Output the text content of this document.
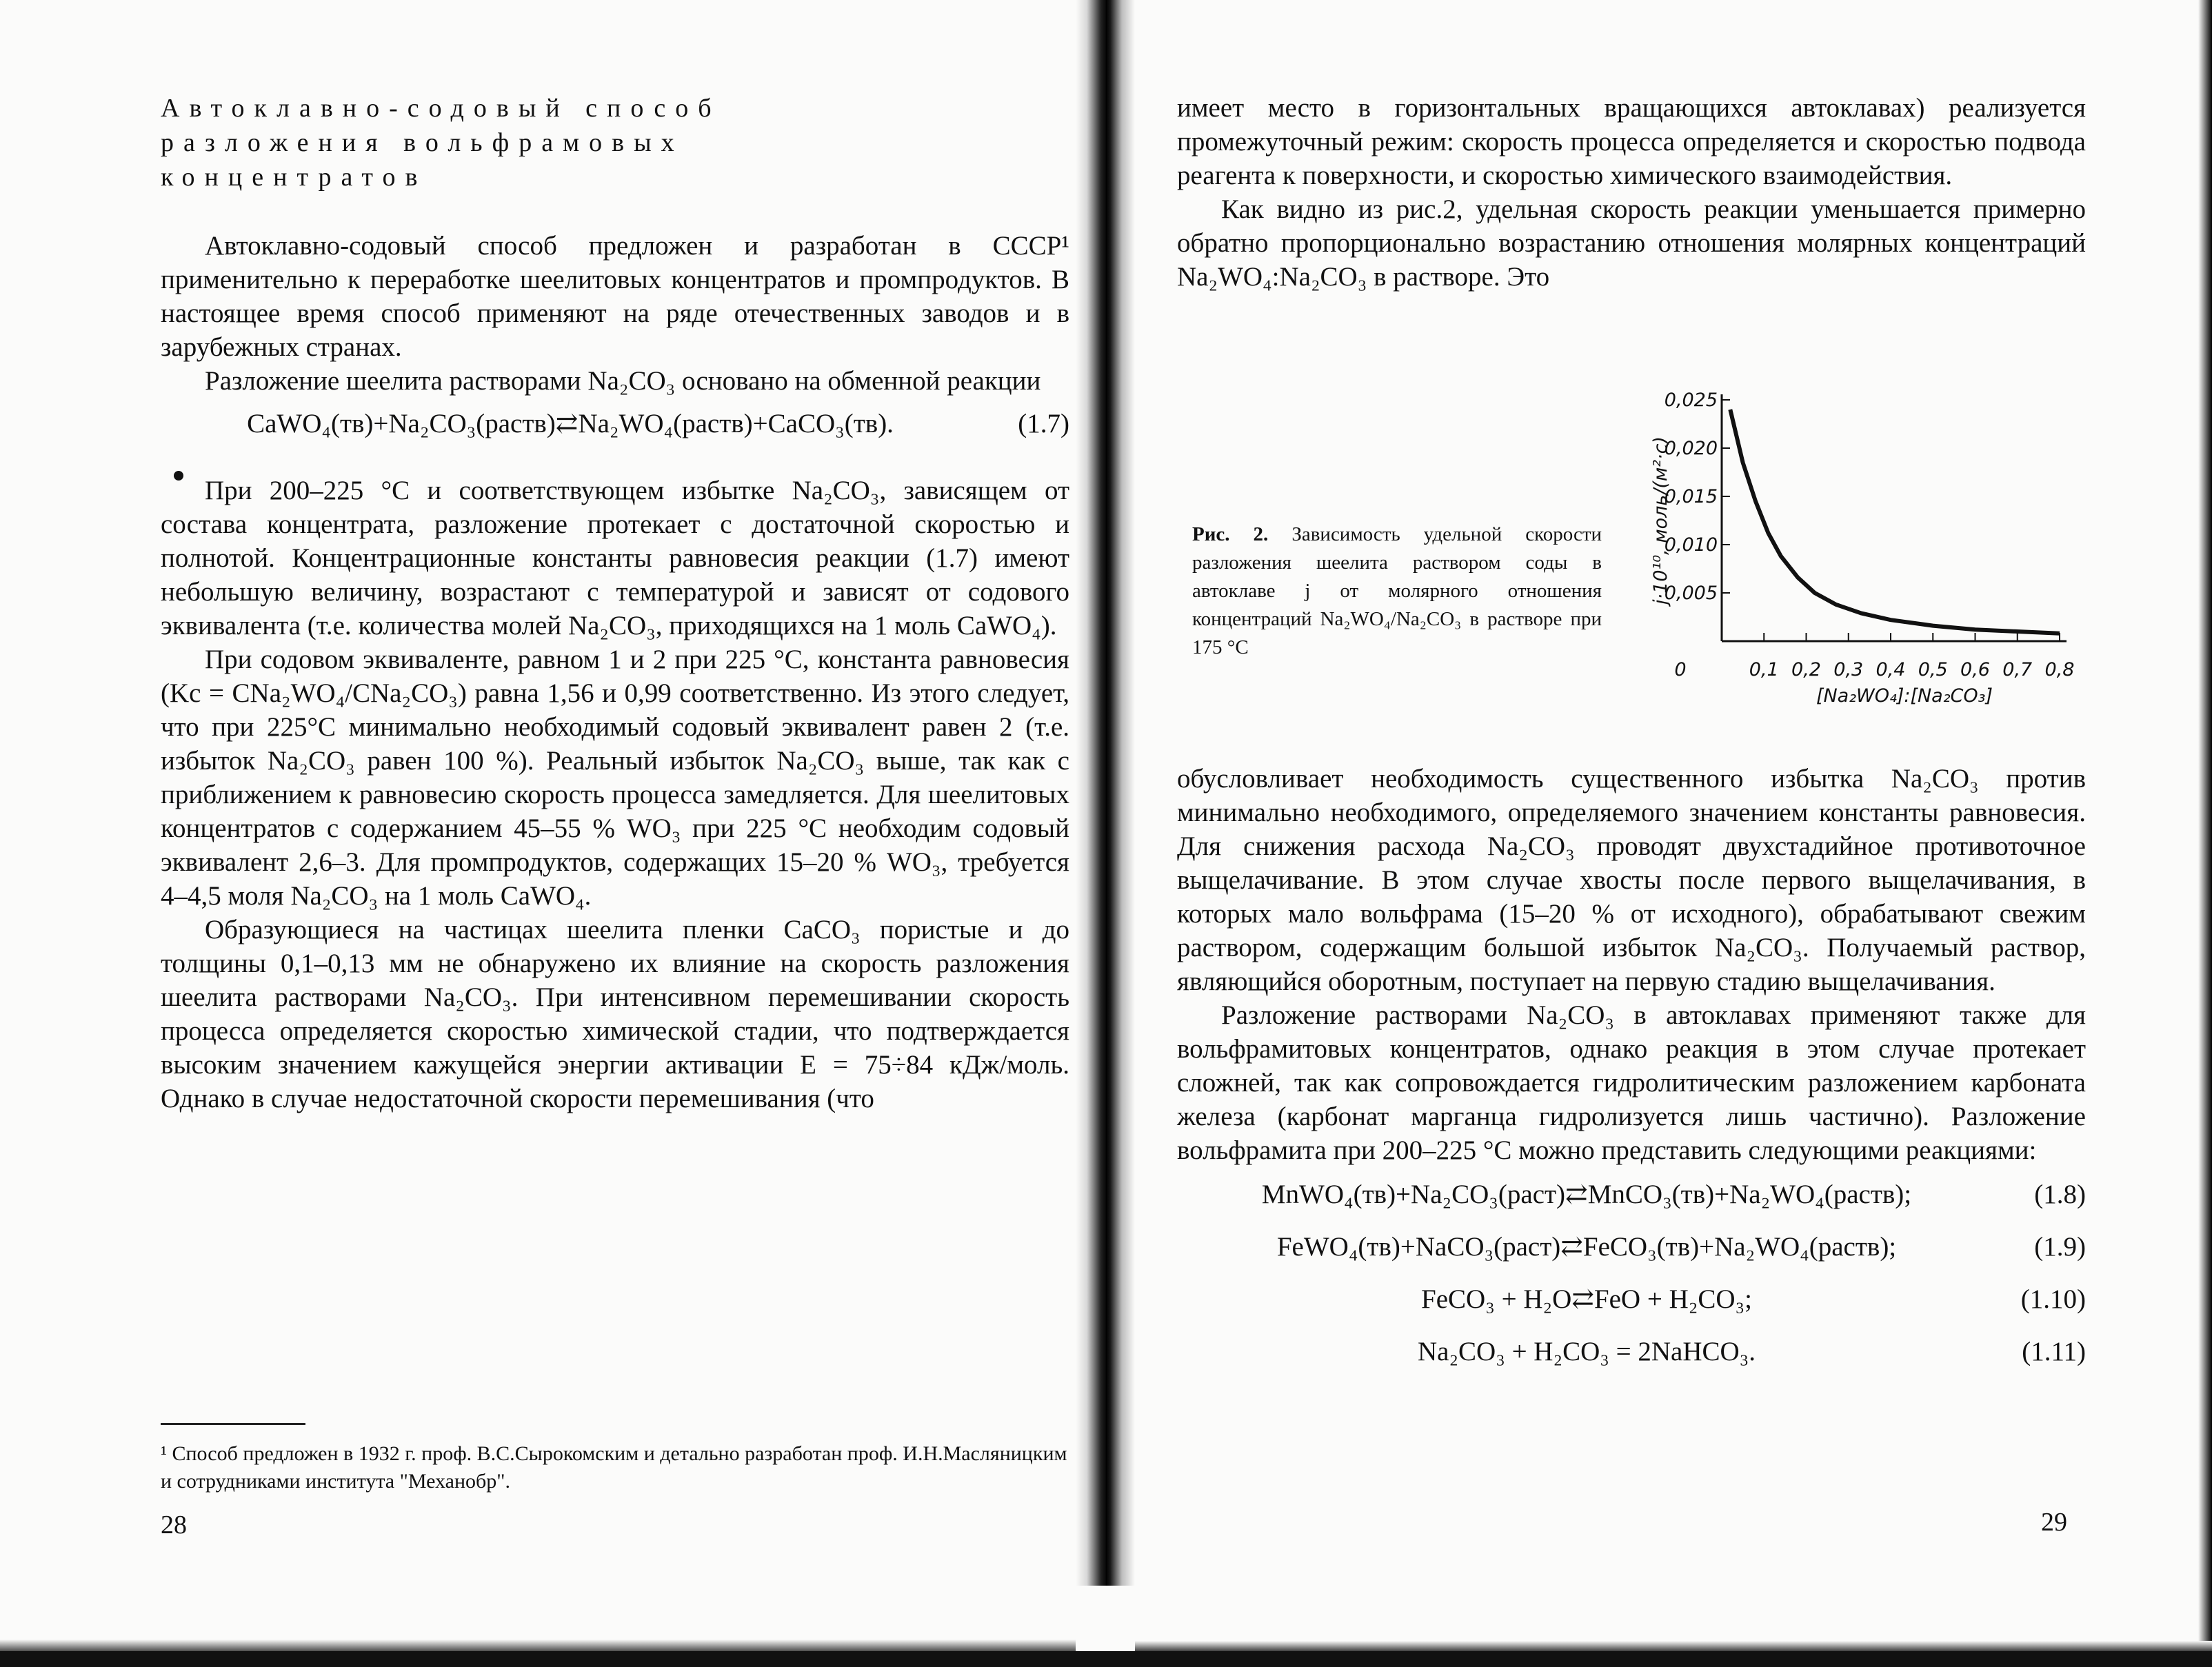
Автоклавно-содовый способ

разложения вольфрамовых

концентратов

Автоклавно-содовый способ предложен и разработан в СССР¹ применительно к переработке шеелитовых концентратов и промпродуктов. В настоящее время способ применяют на ряде отечественных заводов и в зарубежных странах.

Разложение шеелита растворами Na₂CO₃ основано на обменной реакции

CaWO₄(тв)+Na₂CO₃(раств)⇄Na₂WO₄(раств)+CaCO₃(тв).	(1.7)

При 200–225 °С и соответствующем избытке Na₂CO₃, зависящем от состава концентрата, разложение протекает с достаточной скоростью и полнотой. Концентрационные константы равновесия реакции (1.7) имеют небольшую величину, возрастают с температурой и зависят от содового эквивалента (т.е. количества молей Na₂CO₃, приходящихся на 1 моль CaWO₄).

При содовом эквиваленте, равном 1 и 2 при 225 °С, константа равновесия (Kc = CNa₂WO₄/CNa₂CO₃) равна 1,56 и 0,99 соответственно. Из этого следует, что при 225°С минимально необходимый содовый эквивалент равен 2 (т.е. избыток Na₂CO₃ равен 100 %). Реальный избыток Na₂CO₃ выше, так как с приближением к равновесию скорость процесса замедляется. Для шеелитовых концентратов с содержанием 45–55 % WO₃ при 225 °С необходим содовый эквивалент 2,6–3. Для промпродуктов, содержащих 15–20 % WO₃, требуется 4–4,5 моля Na₂CO₃ на 1 моль CaWO₄.

Образующиеся на частицах шеелита пленки CaCO₃ пористые и до толщины 0,1–0,13 мм не обнаружено их влияние на скорость разложения шеелита растворами Na₂CO₃. При интенсивном перемешивании скорость процесса определяется скоростью химической стадии, что подтверждается высоким значением кажущейся энергии активации E = 75÷84 кДж/моль. Однако в случае недостаточной скорости перемешивания (что

¹ Способ предложен в 1932 г. проф. В.С.Сырокомским и детально разработан проф. И.Н.Масляницким и сотрудниками института "Механобр".

28

имеет место в горизонтальных вращающихся автоклавах) реализуется промежуточный режим: скорость процесса определяется и скоростью подвода реагента к поверхности, и скоростью химического взаимодействия.

Как видно из рис.2, удельная скорость реакции уменьшается примерно обратно пропорционально возрастанию отношения молярных концентраций Na₂WO₄:Na₂CO₃ в растворе. Это

Рис. 2. Зависимость удельной скорости разложения шеелита раствором соды в автоклаве j от молярного отношения концентраций Na₂WO₄/Na₂CO₃ в растворе при 175 °С
0,005
0,010
0,015
0,020
0,025
0	0,1 0,2 0,3 0,4 0,5 0,6 0,7 0,8
[Na₂WO₄]:[Na₂CO₃]
j·10¹⁰, моль/(м²·с)

обусловливает необходимость существенного избытка Na₂CO₃ против минимально необходимого, определяемого значением константы равновесия. Для снижения расхода Na₂CO₃ проводят двухстадийное противоточное выщелачивание. В этом случае хвосты после первого выщелачивания, в которых мало вольфрама (15–20 % от исходного), обрабатывают свежим раствором, содержащим большой избыток Na₂CO₃. Получаемый раствор, являющийся оборотным, поступает на первую стадию выщелачивания.

Разложение растворами Na₂CO₃ в автоклавах применяют также для вольфрамитовых концентратов, однако реакция в этом случае протекает сложней, так как сопровождается гидролитическим разложением карбоната железа (карбонат марганца гидролизуется лишь частично). Разложение вольфрамита при 200–225 °С можно представить следующими реакциями:

MnWO₄(тв)+Na₂CO₃(раст)⇄MnCO₃(тв)+Na₂WO₄(раств);	(1.8)
FeWO₄(тв)+NaCO₃(раст)⇄FeCO₃(тв)+Na₂WO₄(раств);	(1.9)
FeCO₃ + H₂O⇄FeO + H₂CO₃;	(1.10)
Na₂CO₃ + H₂CO₃ = 2NaHCO₃.	(1.11)
29
